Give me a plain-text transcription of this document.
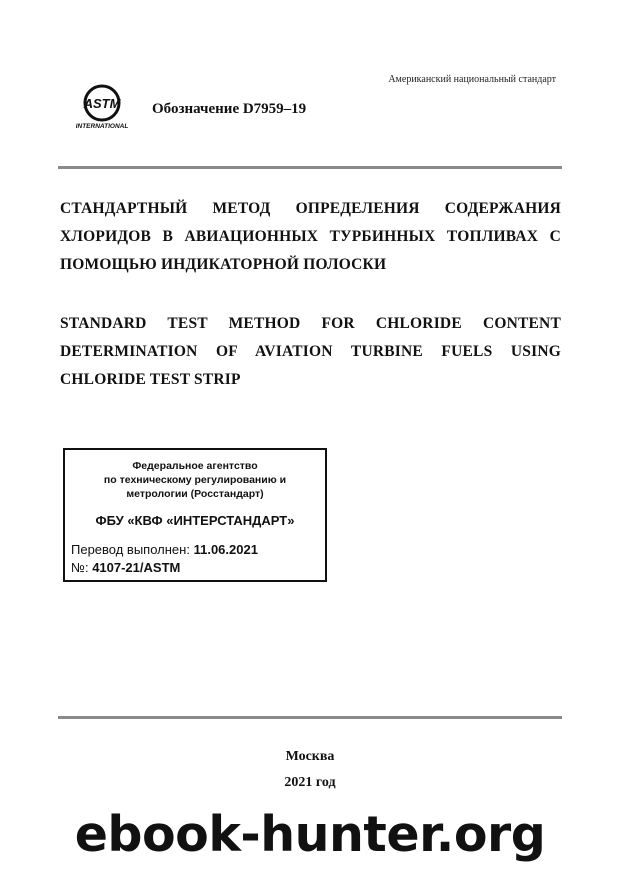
Американский национальный стандарт
ASTM
INTERNATIONAL
Обозначение D7959–19
СТАНДАРТНЫЙ МЕТОД ОПРЕДЕЛЕНИЯ СОДЕРЖАНИЯ ХЛОРИДОВ В АВИАЦИОННЫХ ТУРБИННЫХ ТОПЛИВАХ С ПОМОЩЬЮ ИНДИКАТОРНОЙ ПОЛОСКИ
STANDARD TEST METHOD FOR CHLORIDE CONTENT DETERMINATION OF AVIATION TURBINE FUELS USING CHLORIDE TEST STRIP
Федеральное агентство
по техническому регулированию и
метрологии (Росстандарт)
ФБУ «КВФ «ИНТЕРСТАНДАРТ»
Перевод выполнен: 11.06.2021
№: 4107-21/ASTM
Москва
2021 год
ebook-hunter.org
